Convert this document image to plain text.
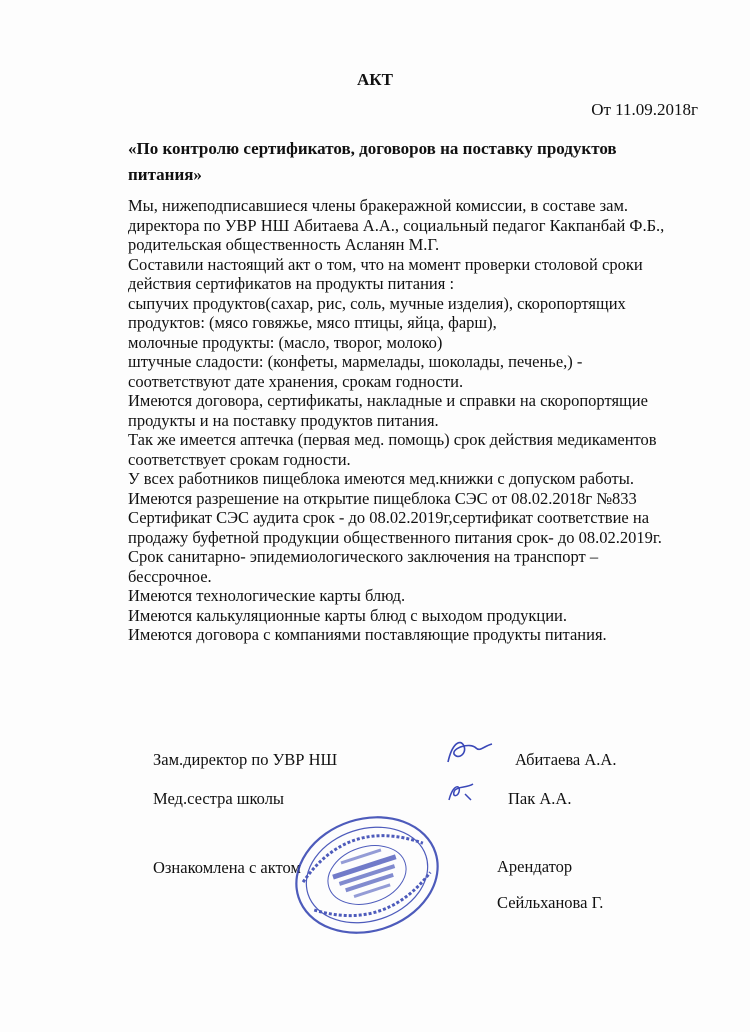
АКТ
От 11.09.2018г
«По контролю сертификатов, договоров на поставку продуктов
питания»
Мы, нижеподписавшиеся члены бракеражной комиссии, в составе зам.
директора по УВР НШ Абитаева А.А., социальный педагог Какпанбай Ф.Б.,
родительская общественность Асланян М.Г.
Составили настоящий акт о том, что на момент проверки столовой сроки
действия сертификатов на продукты питания :
сыпучих продуктов(сахар, рис, соль, мучные изделия), скоропортящих
продуктов: (мясо говяжье, мясо птицы, яйца, фарш),
молочные продукты: (масло, творог, молоко)
штучные сладости: (конфеты, мармелады, шоколады, печенье,) -
соответствуют дате хранения, срокам годности.
Имеются договора, сертификаты, накладные и справки на скоропортящие
продукты и на поставку продуктов питания.
Так же имеется аптечка (первая мед. помощь) срок действия медикаментов
соответствует срокам годности.
У всех работников пищеблока имеются мед.книжки с допуском работы.
Имеются разрешение на открытие пищеблока СЭС от 08.02.2018г №833
Сертификат СЭС аудита срок - до 08.02.2019г,сертификат соответствие на
продажу буфетной продукции общественного питания срок- до 08.02.2019г.
Срок санитарно- эпидемиологического заключения на транспорт –
бессрочное.
Имеются технологические карты блюд.
Имеются калькуляционные карты блюд с выходом продукции.
Имеются договора с компаниями поставляющие продукты питания.
Зам.директор по УВР НШ	Абитаева А.А.
Мед.сестра школы	Пак А.А.
Ознакомлена с актом	Арендатор
Сейльханова Г.
